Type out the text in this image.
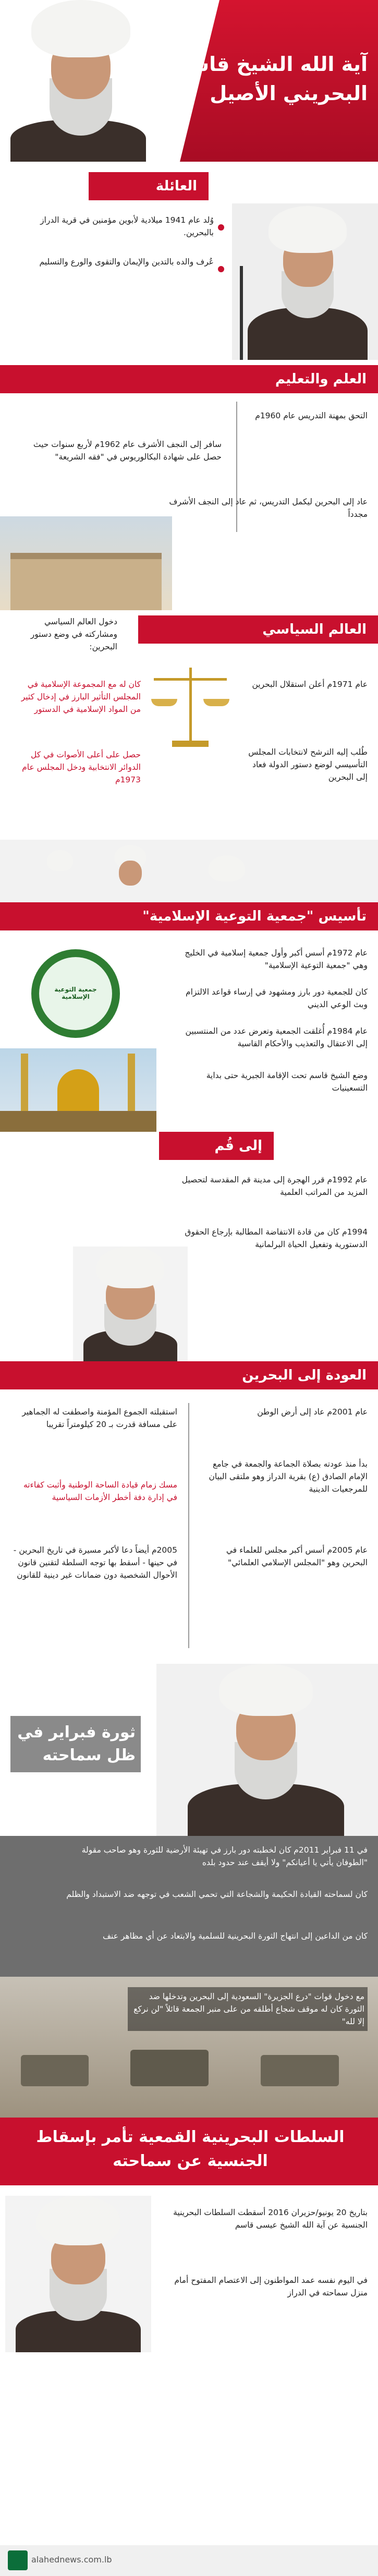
آية الله الشيخ قاسم..
البحريني الأصيل
العائلة
وُلد عام 1941 ميلادية لأبوين مؤمنين في قرية الدراز بالبحرين.
عُرف والده بالتدين والإيمان والتقوى والورع والتسليم
العلم والتعليم
التحق بمهنة التدريس عام 1960م
سافر إلى النجف الأشرف عام 1962م لأربع سنوات حيث حصل على شهادة البكالوريوس في "فقه الشريعة"
عاد إلى البحرين ليكمل التدريس، ثم عاد إلى النجف الأشرف مجدداً
العالم السياسي
دخول العالم السياسي ومشاركته في وضع دستور البحرين:
كان له مع المجموعة الإسلامية في المجلس التأثير البارز في إدخال كثير من المواد الإسلامية في الدستور
عام 1971م أعلن استقلال البحرين
حصل على أعلى الأصوات في كل الدوائر الانتخابية ودخل المجلس عام 1973م
طُلب إليه الترشح لانتخابات المجلس التأسيسي لوضع دستور الدولة فعاد إلى البحرين
تأسيس "جمعية التوعية الإسلامية"
جمعية التوعية الإسلامية
عام 1972م أسس أكبر وأول جمعية إسلامية في الخليج وهي "جمعية التوعية الإسلامية"
كان للجمعية دور بارز ومشهود في إرساء قواعد الالتزام وبث الوعي الديني
عام 1984م أُغلقت الجمعية وتعرض عدد من المنتسبين إلى الاعتقال والتعذيب والأحكام القاسية
وضع الشيخ قاسم تحت الإقامة الجبرية حتى بداية التسعينيات
إلى قُم
عام 1992م قرر الهجرة إلى مدينة قم المقدسة لتحصيل المزيد من المراتب العلمية
1994م كان من قادة الانتفاضة المطالبة بإرجاع الحقوق الدستورية وتفعيل الحياة البرلمانية
العودة إلى البحرين
عام 2001م عاد إلى أرض الوطن
استقبلته الجموع المؤمنة واصطفت له الجماهير على مسافة قدرت بـ 20 كيلومتراً تقريبا
بدأ منذ عودته بصلاة الجماعة والجمعة في جامع الإمام الصادق (ع) بقرية الدراز وهو ملتقى البيان للمرجعيات الدينية
مسك زمام قيادة الساحة الوطنية وأثبت كفاءته في إدارة دفة أخطر الأزمات السياسية
عام 2005م أسس أكبر مجلس للعلماء في البحرين وهو "المجلس الإسلامي العلمائي"
2005م أيضاً دعا لأكبر مسيرة في تاريخ البحرين - في حينها - أسقط بها توجه السلطة لتقنين قانون الأحوال الشخصية دون ضمانات غير دينية للقانون
ثورة فبراير في ظل سماحته
في 11 فبراير 2011م كان لخطبته دور بارز في تهيئة الأرضية للثورة وهو صاحب مقولة "الطوفان يأتي يا أعيانكم" ولا أيقف عند حدود بلده
كان لسماحته القيادة الحكيمة والشجاعة التي تحمي الشعب في توجهه ضد الاستبداد والظلم
كان من الداعين إلى انتهاج الثورة البحرينية للسلمية والابتعاد عن أي مظاهر عنف
مع دخول قوات "درع الجزيرة" السعودية إلى البحرين وتدخلها ضد الثورة كان له موقف شجاع أطلقه من على منبر الجمعة قائلاً "لن نركع إلا لله"
السلطات البحرينية القمعية تأمر بإسقاط الجنسية عن سماحته
بتاريخ 20 يونيو/حزيران 2016 أسقطت السلطات البحرينية الجنسية عن آية الله الشيخ عيسى قاسم
في اليوم نفسه عمد المواطنون إلى الاعتصام المفتوح أمام منزل سماحته في الدراز
alahednews.com.lb
